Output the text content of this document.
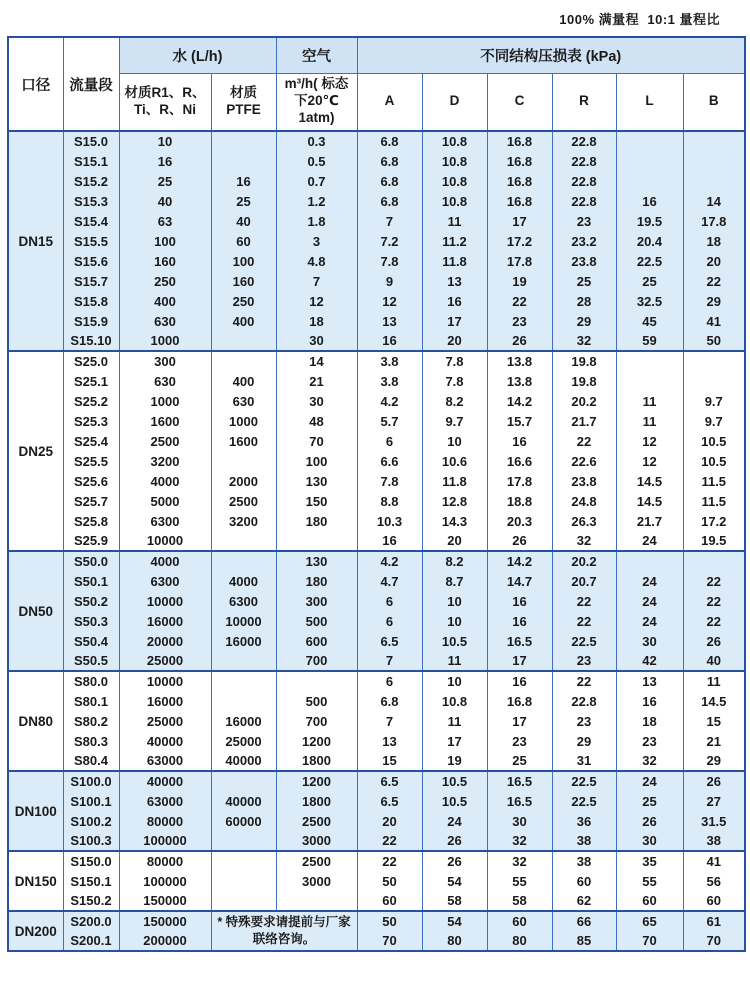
100% 满量程  10:1 量程比
口径	流量段	水 (L/h)		空气	不同结构压损表 (kPa)					
		材质R1、R、Ti、R、Ni	材质 PTFE	m³/h( 标态下20℃ 1atm)	A	D	C	R	L	B
DN15	S15.0	10		0.3	6.8	10.8	16.8	22.8		
	S15.1	16		0.5	6.8	10.8	16.8	22.8		
	S15.2	25	16	0.7	6.8	10.8	16.8	22.8		
	S15.3	40	25	1.2	6.8	10.8	16.8	22.8	16	14
	S15.4	63	40	1.8	7	11	17	23	19.5	17.8
	S15.5	100	60	3	7.2	11.2	17.2	23.2	20.4	18
	S15.6	160	100	4.8	7.8	11.8	17.8	23.8	22.5	20
	S15.7	250	160	7	9	13	19	25	25	22
	S15.8	400	250	12	12	16	22	28	32.5	29
	S15.9	630	400	18	13	17	23	29	45	41
	S15.10	1000		30	16	20	26	32	59	50
DN25	S25.0	300		14	3.8	7.8	13.8	19.8		
	S25.1	630	400	21	3.8	7.8	13.8	19.8		
	S25.2	1000	630	30	4.2	8.2	14.2	20.2	11	9.7
	S25.3	1600	1000	48	5.7	9.7	15.7	21.7	11	9.7
	S25.4	2500	1600	70	6	10	16	22	12	10.5
	S25.5	3200		100	6.6	10.6	16.6	22.6	12	10.5
	S25.6	4000	2000	130	7.8	11.8	17.8	23.8	14.5	11.5
	S25.7	5000	2500	150	8.8	12.8	18.8	24.8	14.5	11.5
	S25.8	6300	3200	180	10.3	14.3	20.3	26.3	21.7	17.2
	S25.9	10000			16	20	26	32	24	19.5
DN50	S50.0	4000		130	4.2	8.2	14.2	20.2		
	S50.1	6300	4000	180	4.7	8.7	14.7	20.7	24	22
	S50.2	10000	6300	300	6	10	16	22	24	22
	S50.3	16000	10000	500	6	10	16	22	24	22
	S50.4	20000	16000	600	6.5	10.5	16.5	22.5	30	26
	S50.5	25000		700	7	11	17	23	42	40
DN80	S80.0	10000			6	10	16	22	13	11
	S80.1	16000		500	6.8	10.8	16.8	22.8	16	14.5
	S80.2	25000	16000	700	7	11	17	23	18	15
	S80.3	40000	25000	1200	13	17	23	29	23	21
	S80.4	63000	40000	1800	15	19	25	31	32	29
DN100	S100.0	40000		1200	6.5	10.5	16.5	22.5	24	26
	S100.1	63000	40000	1800	6.5	10.5	16.5	22.5	25	27
	S100.2	80000	60000	2500	20	24	30	36	26	31.5
	S100.3	100000		3000	22	26	32	38	30	38
DN150	S150.0	80000		2500	22	26	32	38	35	41
	S150.1	100000		3000	50	54	55	60	55	56
	S150.2	150000			60	58	58	62	60	60
DN200	S200.0	150000	* 特殊要求请提前与厂家联络咨询。		50	54	60	66	65	61
	S200.1	200000			70	80	80	85	70	70
